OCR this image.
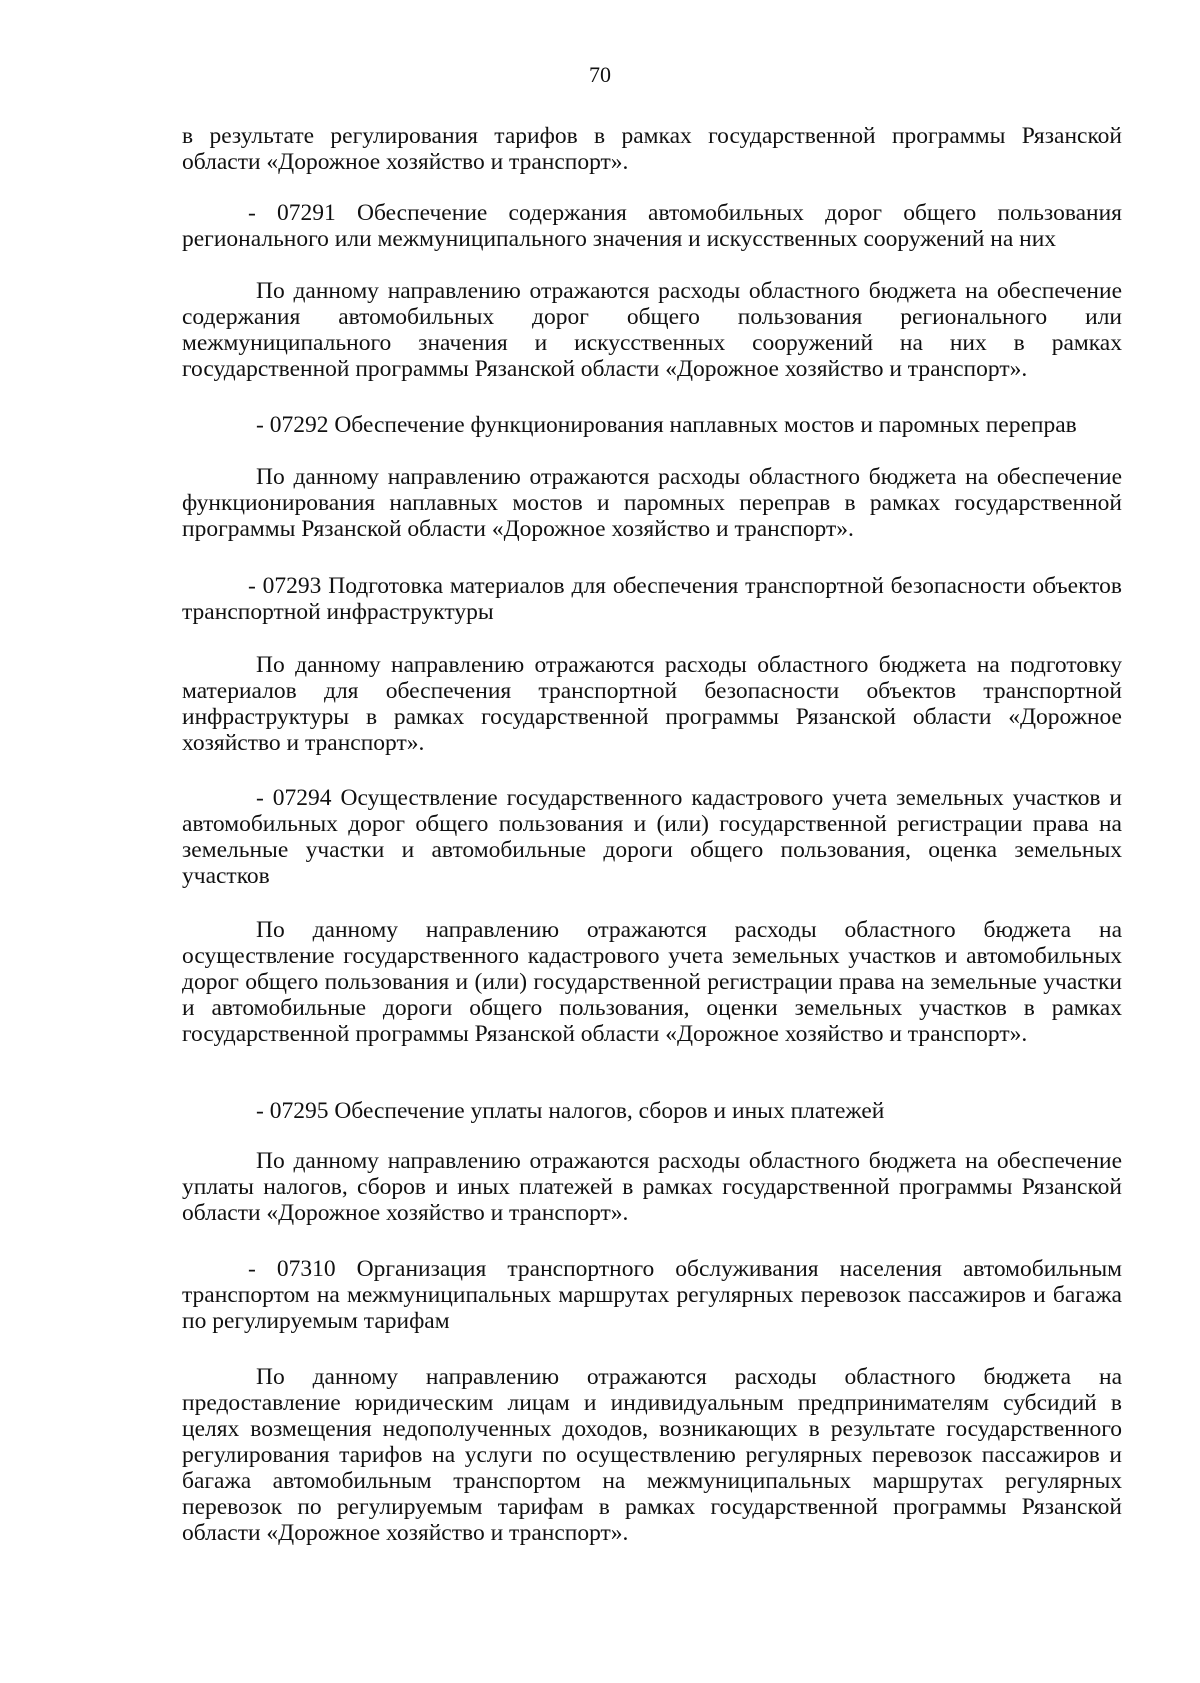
70

в результате регулирования тарифов в рамках государственной программы Рязанской области «Дорожное хозяйство и транспорт».

- 07291 Обеспечение содержания автомобильных дорог общего пользования регионального или межмуниципального значения и искусственных сооружений на них

По данному направлению отражаются расходы областного бюджета на обеспечение содержания автомобильных дорог общего пользования регионального или межмуниципального значения и искусственных сооружений на них в рамках государственной программы Рязанской области «Дорожное хозяйство и транспорт».

- 07292 Обеспечение функционирования наплавных мостов и паромных переправ

По данному направлению отражаются расходы областного бюджета на обеспечение функционирования наплавных мостов и паромных переправ в рамках государственной программы Рязанской области «Дорожное хозяйство и транспорт».

- 07293 Подготовка материалов для обеспечения транспортной безопасности объектов транспортной инфраструктуры

По данному направлению отражаются расходы областного бюджета на подготовку материалов для обеспечения транспортной безопасности объектов транспортной инфраструктуры в рамках государственной программы Рязанской области «Дорожное хозяйство и транспорт».

- 07294 Осуществление государственного кадастрового учета земельных участков и автомобильных дорог общего пользования и (или) государственной регистрации права на земельные участки и автомобильные дороги общего пользования, оценка земельных участков

По данному направлению отражаются расходы областного бюджета на осуществление государственного кадастрового учета земельных участков и автомобильных дорог общего пользования и (или) государственной регистрации права на земельные участки и автомобильные дороги общего пользования, оценки земельных участков в рамках государственной программы Рязанской области «Дорожное хозяйство и транспорт».

- 07295 Обеспечение уплаты налогов, сборов и иных платежей

По данному направлению отражаются расходы областного бюджета на обеспечение уплаты налогов, сборов и иных платежей в рамках государственной программы Рязанской области «Дорожное хозяйство и транспорт».

- 07310 Организация транспортного обслуживания населения автомобильным транспортом на межмуниципальных маршрутах регулярных перевозок пассажиров и багажа по регулируемым тарифам

По данному направлению отражаются расходы областного бюджета на предоставление юридическим лицам и индивидуальным предпринимателям субсидий в целях возмещения недополученных доходов, возникающих в результате государственного регулирования тарифов на услуги по осуществлению регулярных перевозок пассажиров и багажа автомобильным транспортом на межмуниципальных маршрутах регулярных перевозок по регулируемым тарифам в рамках государственной программы Рязанской области «Дорожное хозяйство и транспорт».
